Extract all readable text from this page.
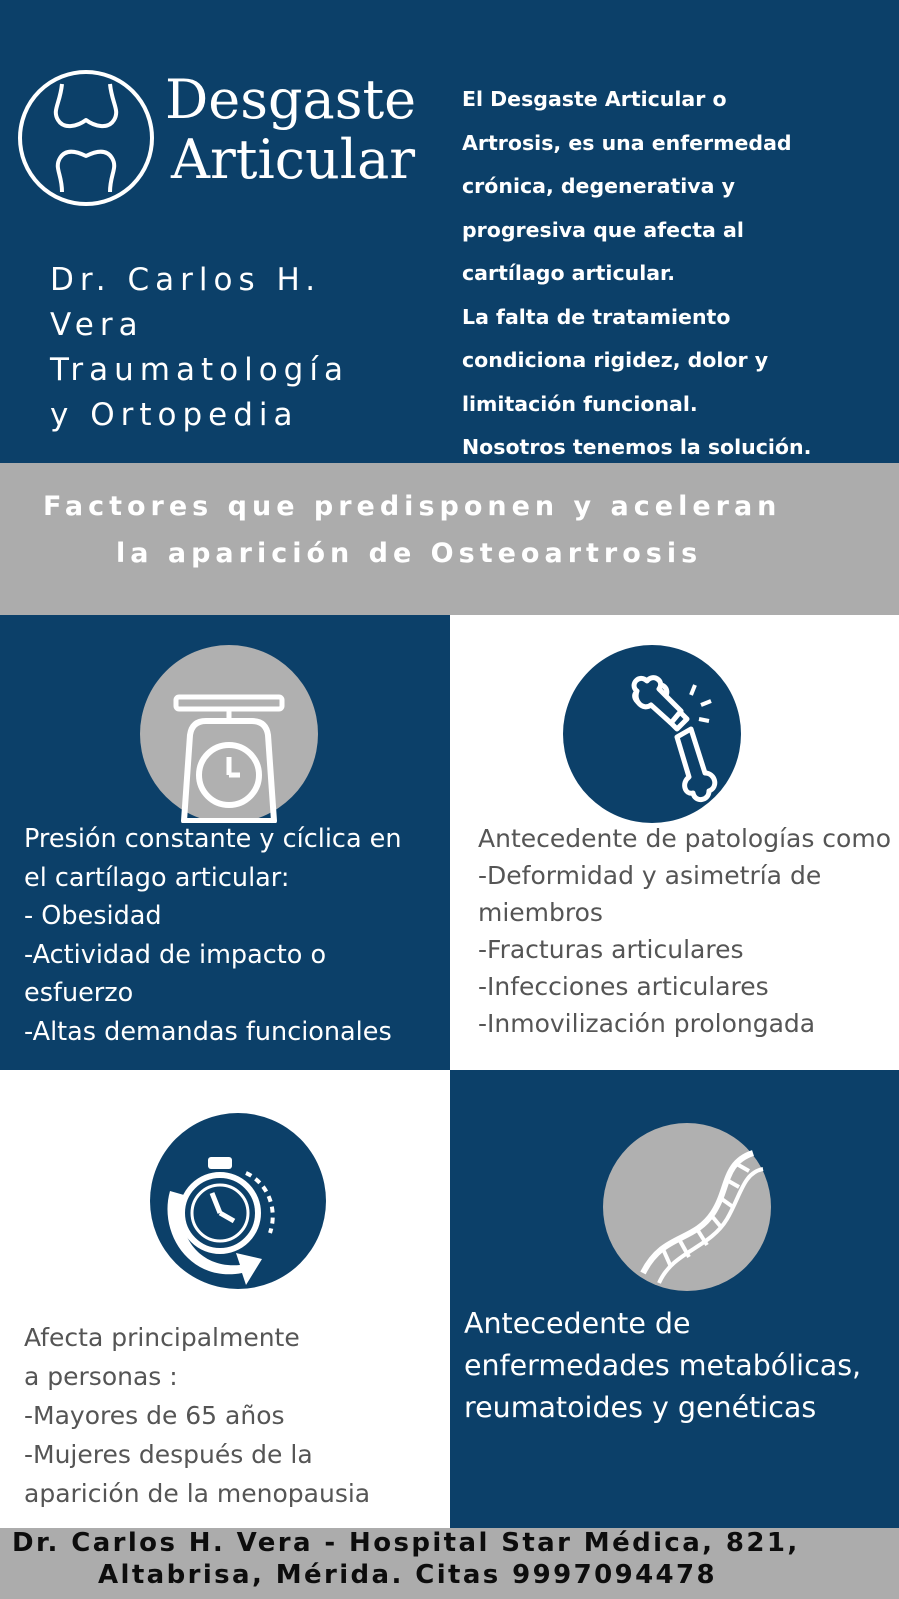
Desgaste
Articular
Dr. Carlos H.
Vera
Traumatología
y Ortopedia
El Desgaste Articular o
Artrosis, es una enfermedad
crónica, degenerativa y
progresiva que afecta al
cartílago articular.
La falta de tratamiento
condiciona rigidez, dolor y
limitación funcional.
Nosotros tenemos la solución.
Factores que predisponen y aceleran
la aparición de Osteoartrosis
Presión constante y cíclica en
el cartílago articular:
- Obesidad
-Actividad de impacto o
esfuerzo
-Altas demandas funcionales
Antecedente de patologías como
-Deformidad y asimetría de
miembros
-Fracturas articulares
-Infecciones articulares
-Inmovilización prolongada
Afecta principalmente
a personas :
-Mayores de 65 años
-Mujeres después de la
aparición de la menopausia
Antecedente de
enfermedades metabólicas,
reumatoides y genéticas
Dr. Carlos H. Vera - Hospital Star Médica, 821,
Altabrisa, Mérida. Citas 9997094478
